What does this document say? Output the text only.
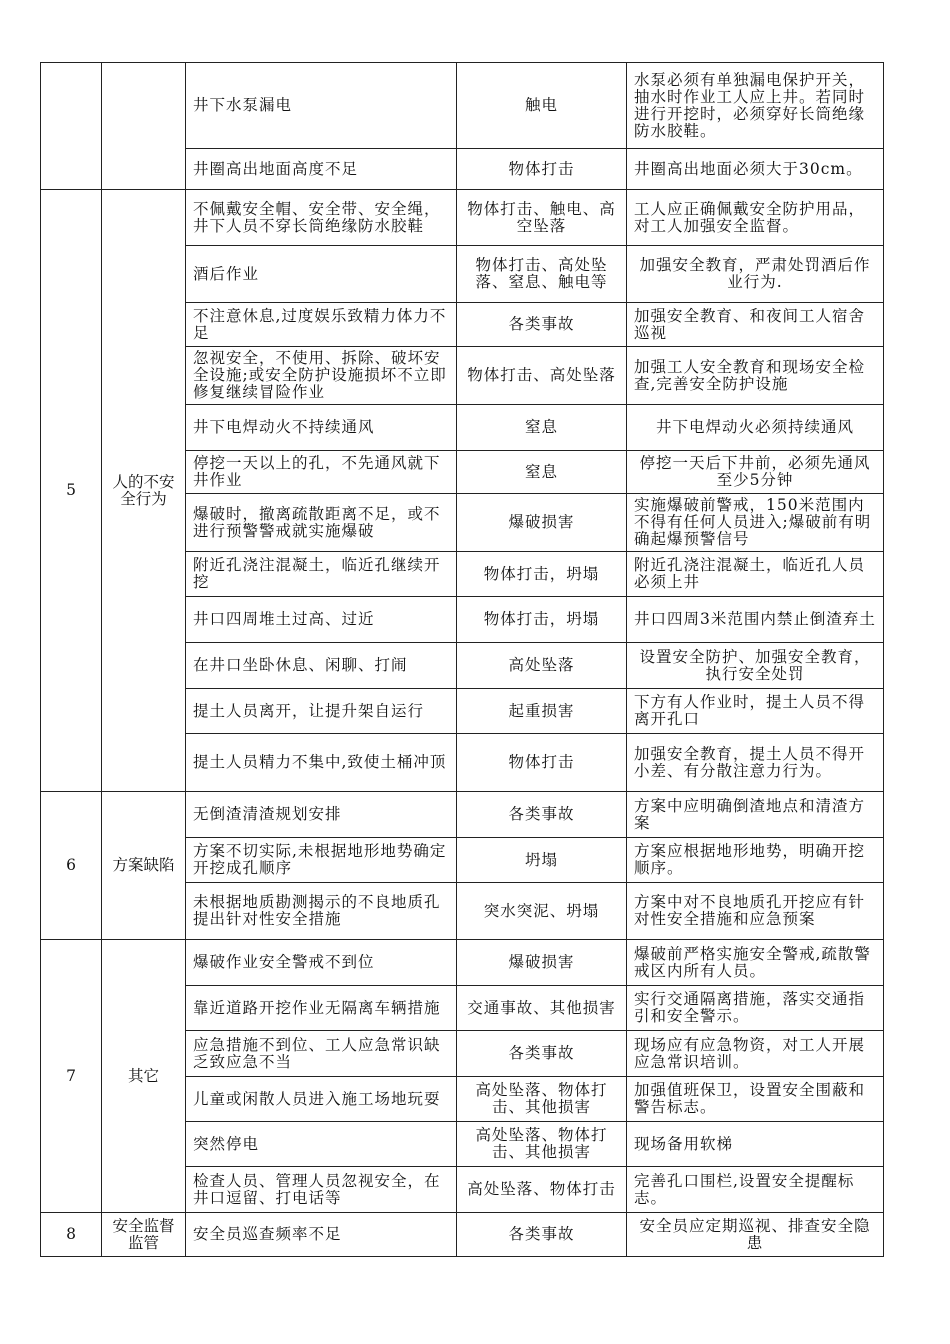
		井下水泵漏电	触电	水泵必须有单独漏电保护开关，抽水时作业工人应上井。若同时进行开挖时，必须穿好长筒绝缘防水胶鞋。
		井圈高出地面高度不足	物体打击	井圈高出地面必须大于30cm。
5	人的不安全行为	不佩戴安全帽、安全带、安全绳，井下人员不穿长筒绝缘防水胶鞋	物体打击、触电、高空坠落	工人应正确佩戴安全防护用品，对工人加强安全监督。
		酒后作业	物体打击、高处坠落、窒息、触电等	加强安全教育，严肃处罚酒后作业行为.
		不注意休息,过度娱乐致精力体力不足	各类事故	加强安全教育、和夜间工人宿舍巡视
		忽视安全，不使用、拆除、破坏安全设施;或安全防护设施损坏不立即修复继续冒险作业	物体打击、高处坠落	加强工人安全教育和现场安全检查,完善安全防护设施
		井下电焊动火不持续通风	窒息	井下电焊动火必须持续通风
		停挖一天以上的孔，不先通风就下井作业	窒息	停挖一天后下井前，必须先通风至少5分钟
		爆破时，撤离疏散距离不足，或不进行预警警戒就实施爆破	爆破损害	实施爆破前警戒，150米范围内不得有任何人员进入;爆破前有明确起爆预警信号
		附近孔浇注混凝土，临近孔继续开挖	物体打击，坍塌	附近孔浇注混凝土，临近孔人员必须上井
		井口四周堆土过高、过近	物体打击，坍塌	井口四周3米范围内禁止倒渣弃土
		在井口坐卧休息、闲聊、打闹	高处坠落	设置安全防护、加强安全教育，执行安全处罚
		提土人员离开，让提升架自运行	起重损害	下方有人作业时，提土人员不得离开孔口
		提土人员精力不集中,致使土桶冲顶	物体打击	加强安全教育，提土人员不得开小差、有分散注意力行为。
6	方案缺陷	无倒渣清渣规划安排	各类事故	方案中应明确倒渣地点和清渣方案
		方案不切实际,未根据地形地势确定开挖成孔顺序	坍塌	方案应根据地形地势，明确开挖顺序。
		未根据地质勘测揭示的不良地质孔提出针对性安全措施	突水突泥、坍塌	方案中对不良地质孔开挖应有针对性安全措施和应急预案
7	其它	爆破作业安全警戒不到位	爆破损害	爆破前严格实施安全警戒,疏散警戒区内所有人员。
		靠近道路开挖作业无隔离车辆措施	交通事故、其他损害	实行交通隔离措施，落实交通指引和安全警示。
		应急措施不到位、工人应急常识缺乏致应急不当	各类事故	现场应有应急物资，对工人开展应急常识培训。
		儿童或闲散人员进入施工场地玩耍	高处坠落、物体打击、其他损害	加强值班保卫，设置安全围蔽和警告标志。
		突然停电	高处坠落、物体打击、其他损害	现场备用软梯
		检查人员、管理人员忽视安全，在井口逗留、打电话等	高处坠落、物体打击	完善孔口围栏,设置安全提醒标志。
8	安全监督监管	安全员巡查频率不足	各类事故	安全员应定期巡视、排查安全隐患
